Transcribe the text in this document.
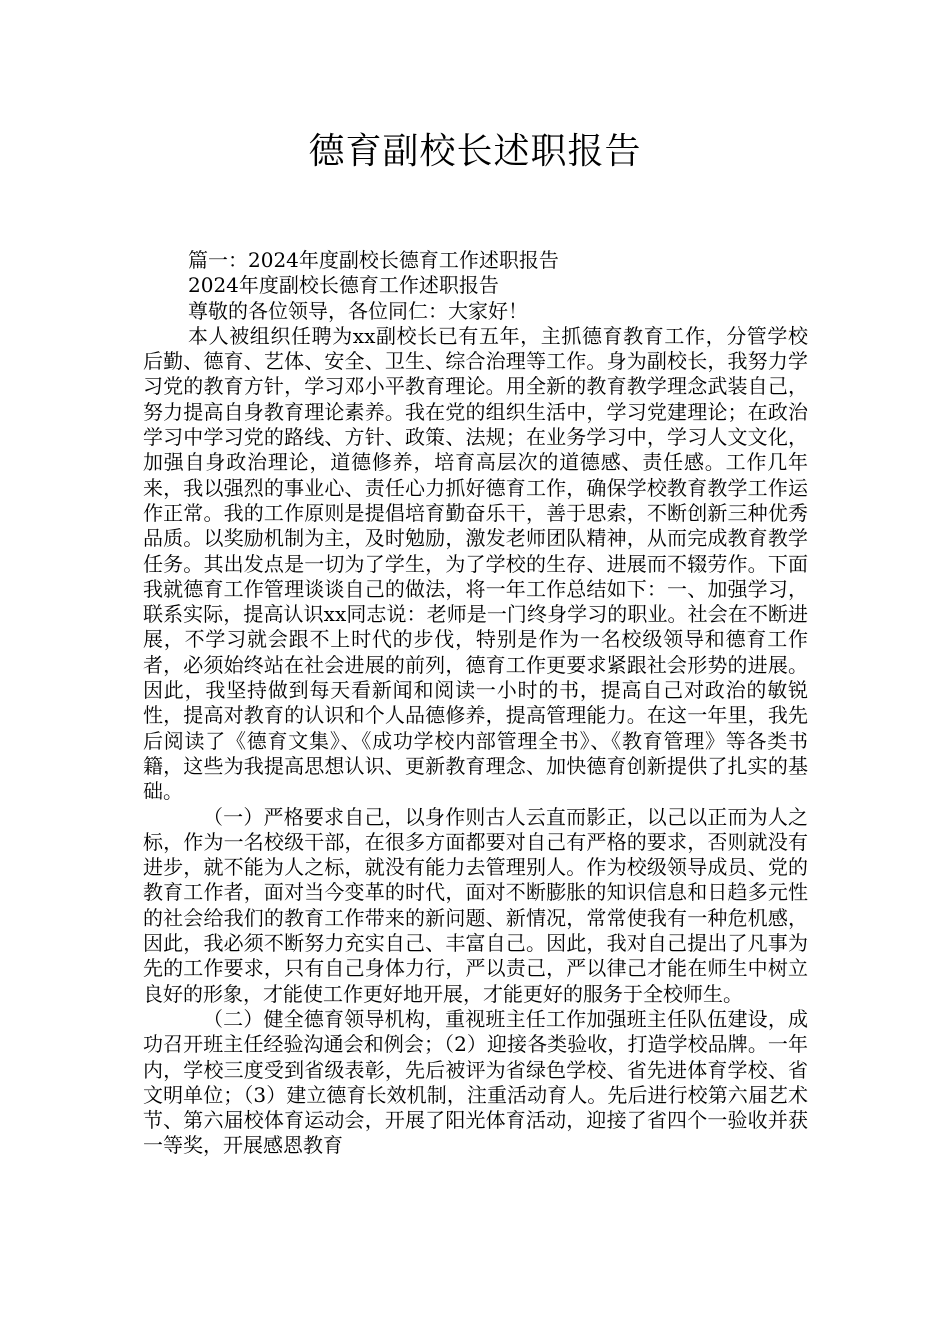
德育副校长述职报告

篇一：2024年度副校长德育工作述职报告

2024年度副校长德育工作述职报告

尊敬的各位领导，各位同仁：大家好！

本人被组织任聘为xx副校长已有五年，主抓德育教育工作，分管学校后勤、德育、艺体、安全、卫生、综合治理等工作。身为副校长，我努力学习党的教育方针，学习邓小平教育理论。用全新的教育教学理念武装自己，努力提高自身教育理论素养。我在党的组织生活中，学习党建理论；在政治学习中学习党的路线、方针、政策、法规；在业务学习中，学习人文文化，加强自身政治理论，道德修养，培育高层次的道德感、责任感。工作几年来，我以强烈的事业心、责任心力抓好德育工作，确保学校教育教学工作运作正常。我的工作原则是提倡培育勤奋乐干，善于思索，不断创新三种优秀品质。以奖励机制为主，及时勉励，激发老师团队精神，从而完成教育教学任务。其出发点是一切为了学生，为了学校的生存、进展而不辍劳作。下面我就德育工作管理谈谈自己的做法，将一年工作总结如下：一、加强学习，联系实际，提高认识xx同志说：老师是一门终身学习的职业。社会在不断进展，不学习就会跟不上时代的步伐，特别是作为一名校级领导和德育工作者，必须始终站在社会进展的前列，德育工作更要求紧跟社会形势的进展。因此，我坚持做到每天看新闻和阅读一小时的书，提高自己对政治的敏锐性，提高对教育的认识和个人品德修养，提高管理能力。在这一年里，我先后阅读了《德育文集》、《成功学校内部管理全书》、《教育管理》等各类书籍，这些为我提高思想认识、更新教育理念、加快德育创新提供了扎实的基础。

（一）严格要求自己，以身作则古人云直而影正，以己以正而为人之标，作为一名校级干部，在很多方面都要对自己有严格的要求，否则就没有进步，就不能为人之标，就没有能力去管理别人。作为校级领导成员、党的教育工作者，面对当今变革的时代，面对不断膨胀的知识信息和日趋多元性的社会给我们的教育工作带来的新问题、新情况，常常使我有一种危机感，因此，我必须不断努力充实自己、丰富自己。因此，我对自己提出了凡事为先的工作要求，只有自己身体力行，严以责己，严以律己才能在师生中树立良好的形象，才能使工作更好地开展，才能更好的服务于全校师生。

（二）健全德育领导机构，重视班主任工作加强班主任队伍建设，成功召开班主任经验沟通会和例会；（2）迎接各类验收，打造学校品牌。一年内，学校三度受到省级表彰，先后被评为省绿色学校、省先进体育学校、省文明单位；（3）建立德育长效机制，注重活动育人。先后进行校第六届艺术节、第六届校体育运动会，开展了阳光体育活动，迎接了省四个一验收并获一等奖，开展感恩教育
